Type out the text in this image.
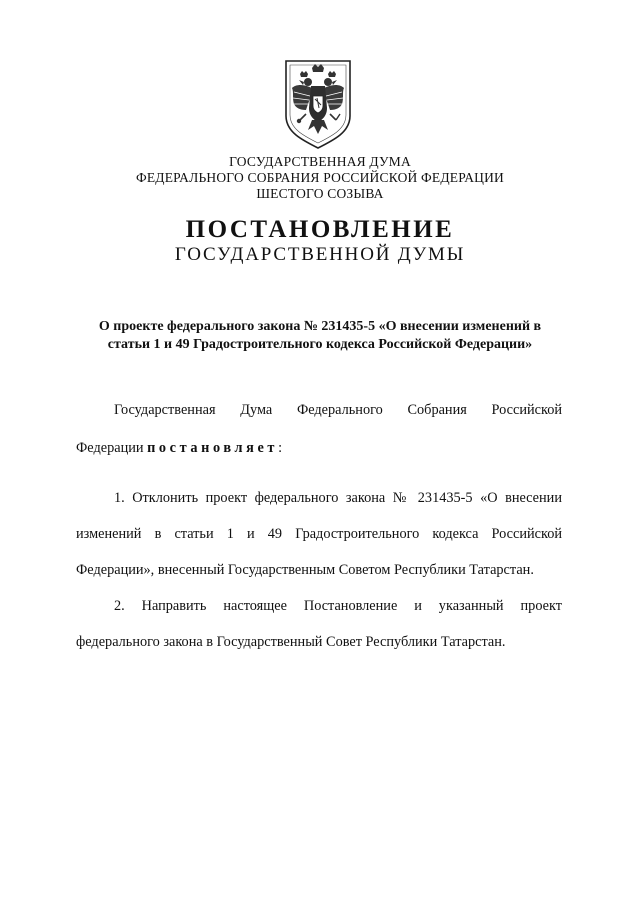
ГОСУДАРСТВЕННАЯ ДУМА
ФЕДЕРАЛЬНОГО СОБРАНИЯ РОССИЙСКОЙ ФЕДЕРАЦИИ
ШЕСТОГО СОЗЫВА
ПОСТАНОВЛЕНИЕ
ГОСУДАРСТВЕННОЙ ДУМЫ
О проекте федерального закона № 231435-5 «О внесении изменений в
статьи 1 и 49 Градостроительного кодекса Российской Федерации»
Государственная Дума Федерального Собрания Российской
Федерации постановляет:
1. Отклонить проект федерального закона № 231435-5 «О внесении
изменений в статьи 1 и 49 Градостроительного кодекса Российской
Федерации», внесенный Государственным Советом Республики Татарстан.
2. Направить настоящее Постановление и указанный проект
федерального закона в Государственный Совет Республики Татарстан.
